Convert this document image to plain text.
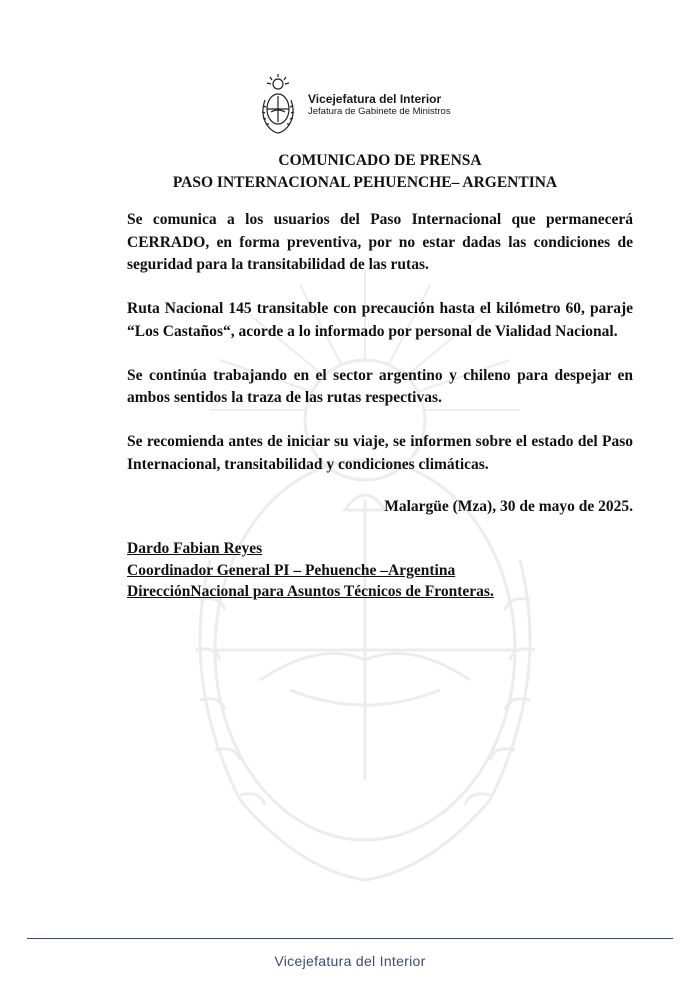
Vicejefatura del Interior
Jefatura de Gabinete de Ministros
COMUNICADO DE PRENSA
PASO INTERNACIONAL PEHUENCHE– ARGENTINA

Se comunica a los usuarios del Paso Internacional que permanecerá CERRADO, en forma preventiva, por no estar dadas las condiciones de seguridad para la transitabilidad de las rutas.

Ruta Nacional 145 transitable con precaución hasta el kilómetro 60, paraje “Los Castaños“, acorde a lo informado por personal de Vialidad Nacional.

Se continúa trabajando en el sector argentino y chileno para despejar en ambos sentidos la traza de las rutas respectivas.

Se recomienda antes de iniciar su viaje, se informen sobre el estado del Paso Internacional, transitabilidad y condiciones climáticas.

Malargüe (Mza), 30 de mayo de 2025.
Dardo Fabian Reyes
Coordinador General PI – Pehuenche –Argentina
DirecciónNacional para Asuntos Técnicos de Fronteras.
Vicejefatura del Interior
